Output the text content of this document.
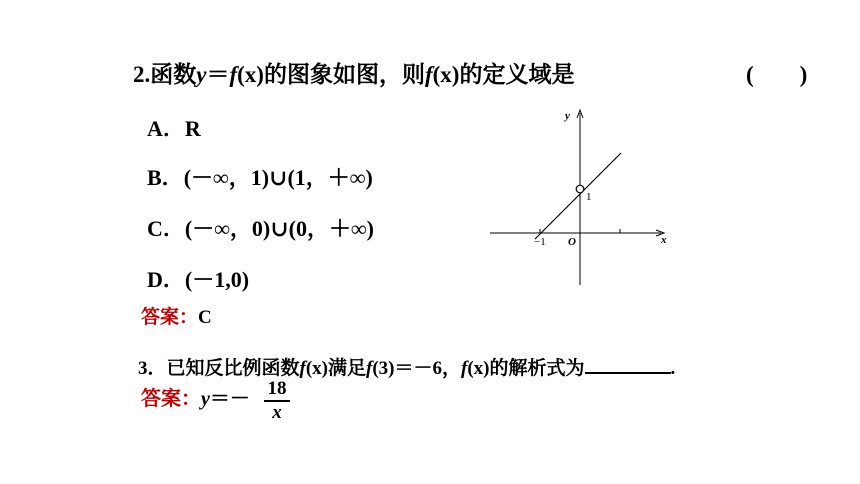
2.函数y＝f(x)的图象如图，则f(x)的定义域是	(　　)
A．R
B．(－∞，1)∪(1，＋∞)
C．(－∞，0)∪(0，＋∞)
D．(－1,0)
答案：C
y
x
O
−1
1
3．已知反比例函数f(x)满足f(3)＝－6，f(x)的解析式为	.
答案：$y=- \frac{18}{x}$
